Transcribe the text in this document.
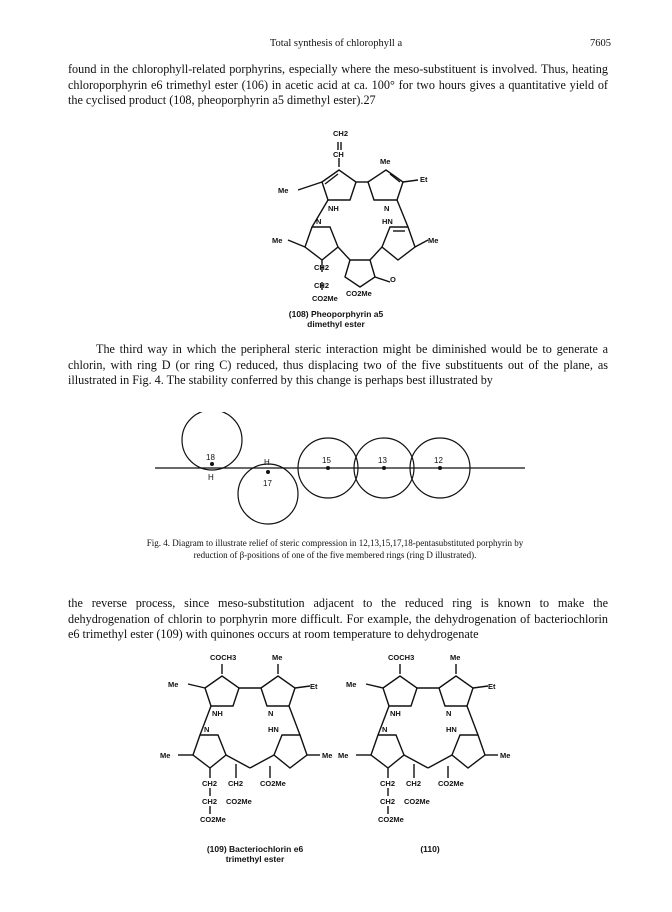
Total synthesis of chlorophyll a	7605

found in the chlorophyll-related porphyrins, especially where the meso-substituent is involved. Thus, heating chloroporphyrin e6 trimethyl ester (106) in acetic acid at ca. 100° for two hours gives a quantitative yield of the cyclised product (108, pheoporphyrin a5 dimethyl ester).27

CH2
CH
Me
Me
Et
NH	N
N	HN
Me	Me
CH2
CH2
CO2Me
CO2Me
O
(108) Pheoporphyrin a5
dimethyl ester

The third way in which the peripheral steric interaction might be diminished would be to generate a chlorin, with ring D (or ring C) reduced, thus displacing two of the five substituents out of the plane, as illustrated in Fig. 4. The stability conferred by this change is perhaps best illustrated by

18
H
H
17
15	13	12
Fig. 4. Diagram to illustrate relief of steric compression in 12,13,15,17,18-pentasubstituted porphyrin by
reduction of β-positions of one of the five membered rings (ring D illustrated).

the reverse process, since meso-substitution adjacent to the reduced ring is known to make the dehydrogenation of chlorin to porphyrin more difficult. For example, the dehydrogenation of bacteriochlorin e6 trimethyl ester (109) with quinones occurs at room temperature to dehydrogenate

COCH3	Me
Me	Et
NH	N
N	HN
Me	Me
CH2 CH2 CO2Me
CH2 CO2Me
CO2Me
(109) Bacteriochlorin e6
trimethyl ester
COCH3	Me
Me	Et
NH	N
N	HN
Me	Me
CH2 CH2 CO2Me
CH2 CO2Me
CO2Me
(110)
